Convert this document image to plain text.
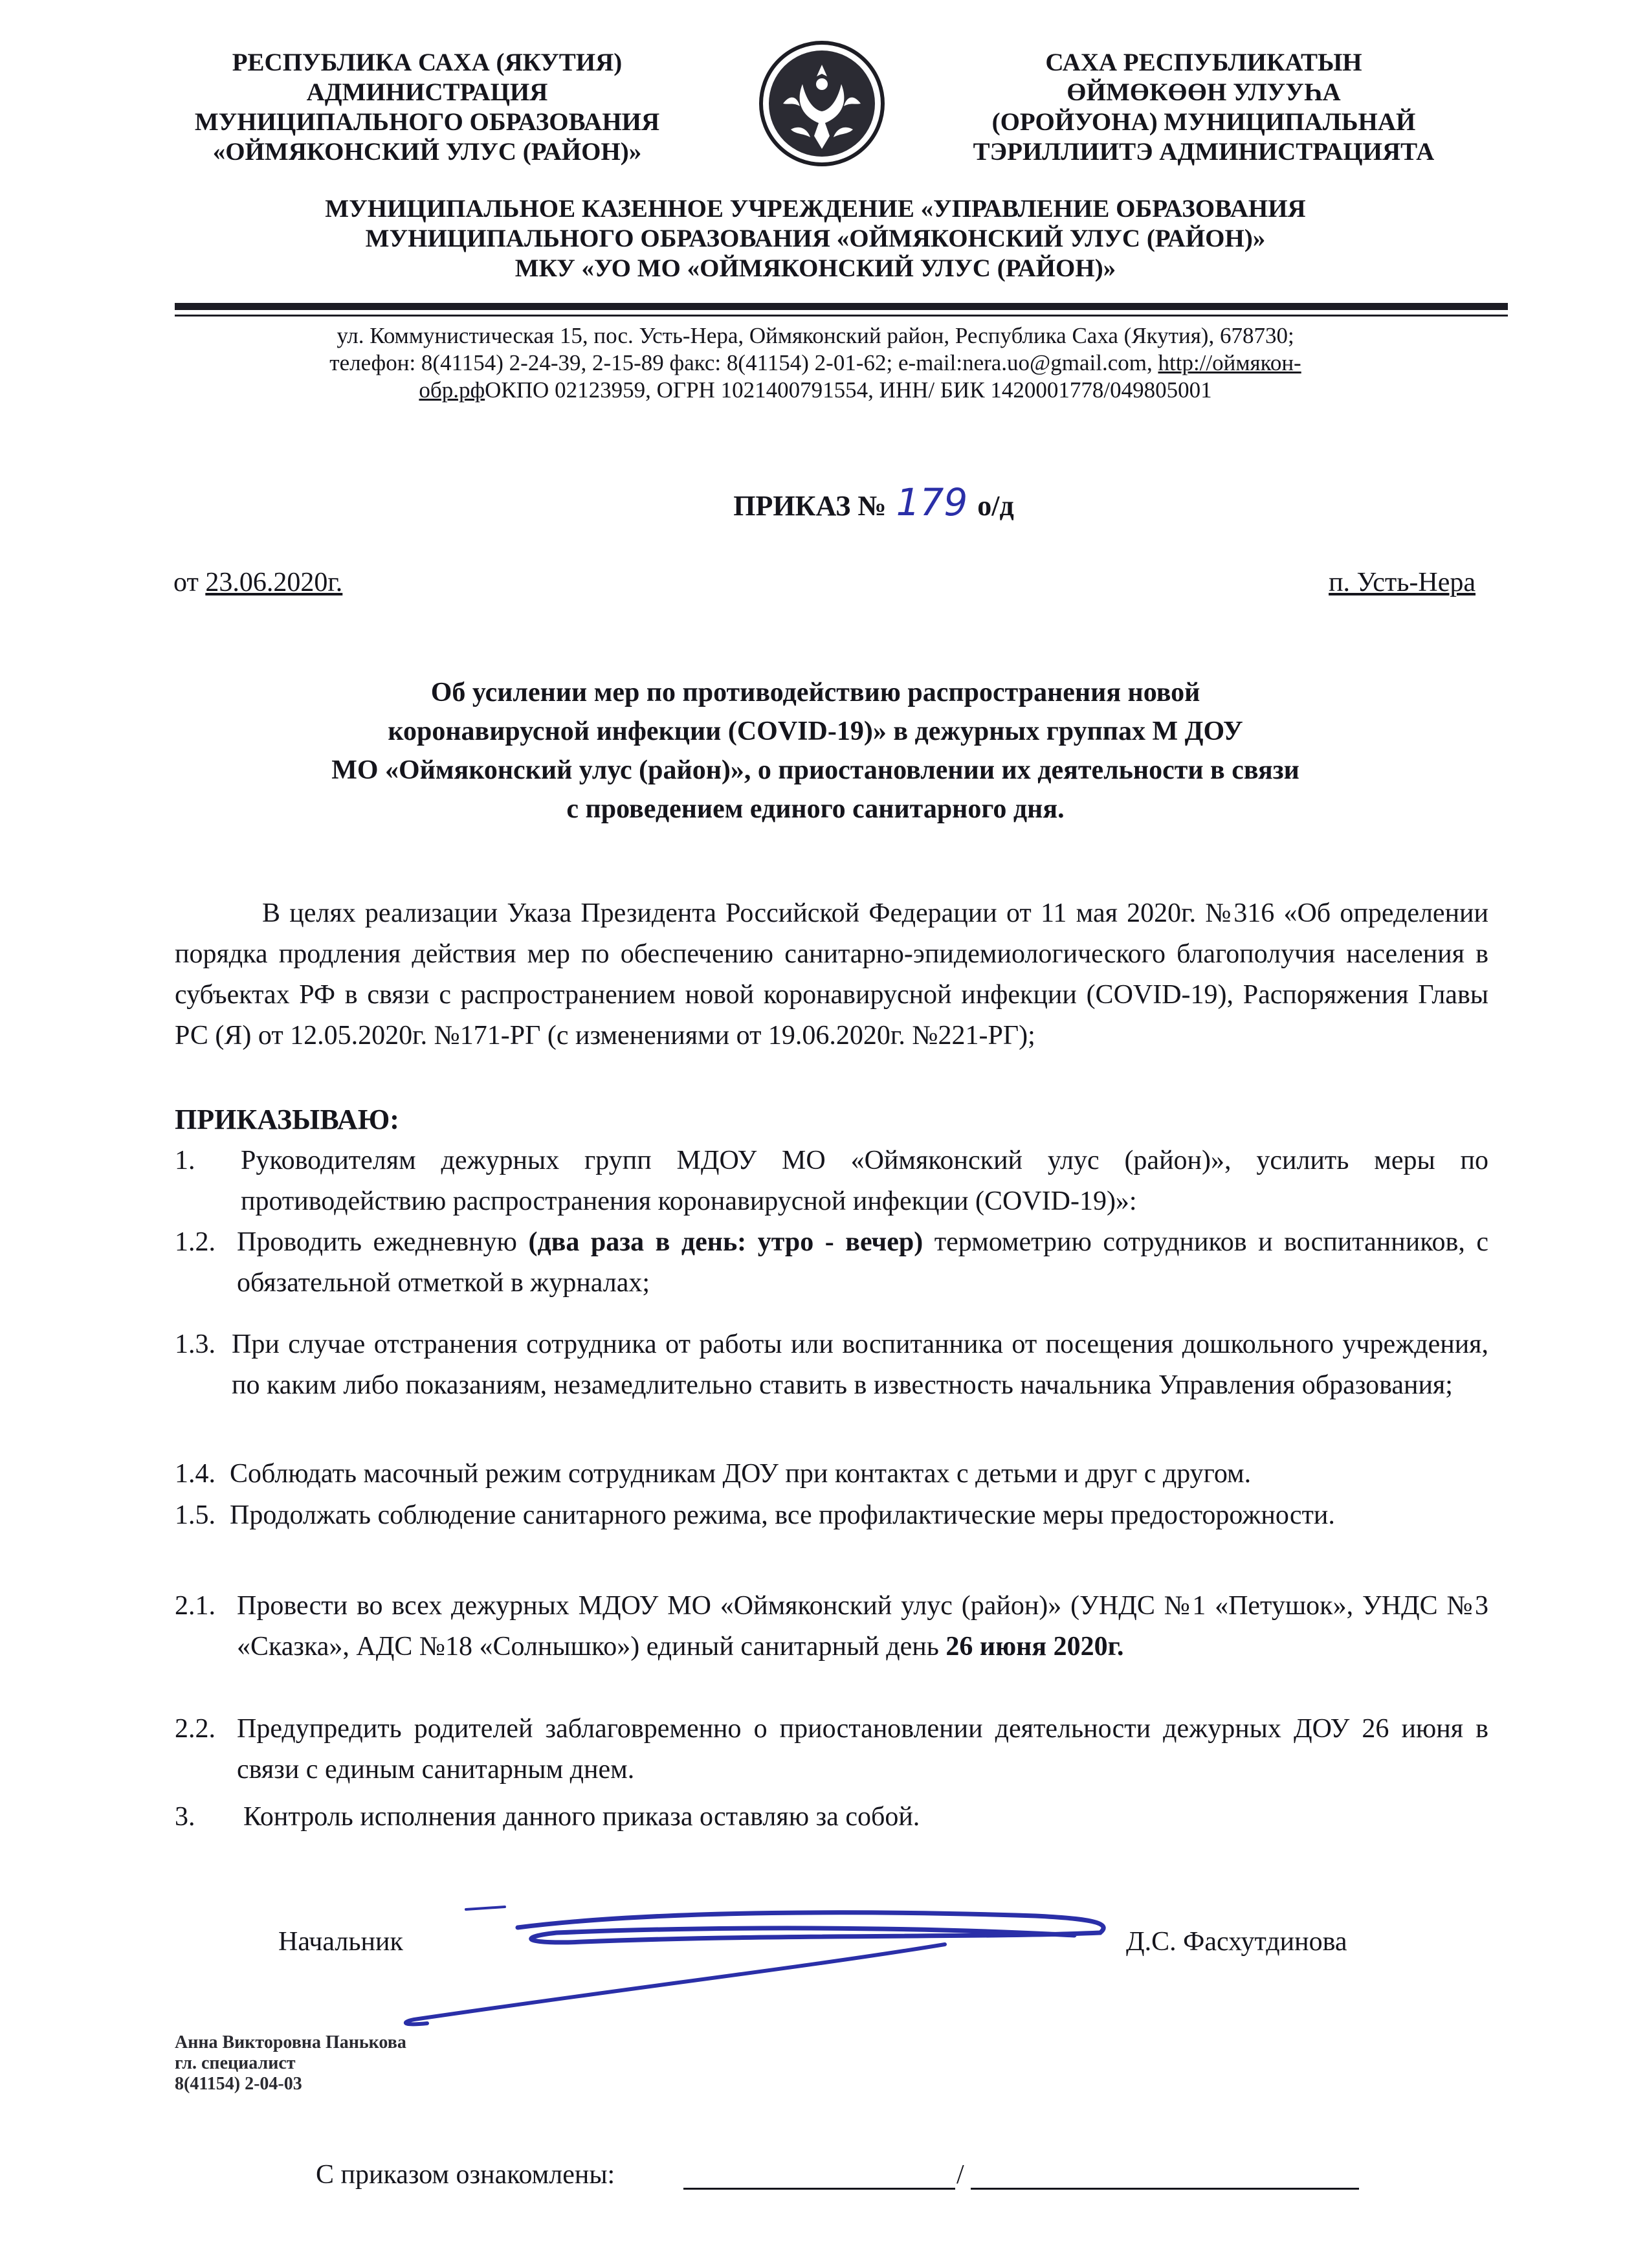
РЕСПУБЛИКА САХА (ЯКУТИЯ)
АДМИНИСТРАЦИЯ
МУНИЦИПАЛЬНОГО ОБРАЗОВАНИЯ
«ОЙМЯКОНСКИЙ УЛУС (РАЙОН)»
САХА РЕСПУБЛИКАТЫН
ӨЙМӨКӨӨН УЛУУҺА
(ОРОЙУОНА) МУНИЦИПАЛЬНАЙ
ТЭРИЛЛИИТЭ АДМИНИСТРАЦИЯТА
МУНИЦИПАЛЬНОЕ КАЗЕННОЕ УЧРЕЖДЕНИЕ «УПРАВЛЕНИЕ ОБРАЗОВАНИЯ
МУНИЦИПАЛЬНОГО ОБРАЗОВАНИЯ «ОЙМЯКОНСКИЙ УЛУС (РАЙОН)»
МКУ «УО МО «ОЙМЯКОНСКИЙ УЛУС (РАЙОН)»
ул. Коммунистическая 15, пос. Усть-Нера, Оймяконский район, Республика Саха (Якутия), 678730;
телефон: 8(41154) 2-24-39, 2-15-89 факс: 8(41154) 2-01-62; e-mail:nera.uo@gmail.com, http://оймякон-
обр.рфОКПО 02123959, ОГРН 1021400791554, ИНН/ БИК 1420001778/049805001
ПРИКАЗ № 179 о/д
от 23.06.2020г.	п. Усть-Нера
Об усилении мер по противодействию распространения новой
коронавирусной инфекции (COVID-19)» в дежурных группах М ДОУ
МО «Оймяконский улус (район)», о приостановлении их деятельности в связи
с проведением единого санитарного дня.
В целях реализации Указа Президента Российской Федерации от 11 мая 2020г. №316 «Об определении порядка продления действия мер по обеспечению санитарно-эпидемиологического благополучия населения в субъектах РФ в связи с распространением новой коронавирусной инфекции (COVID-19), Распоряжения Главы РС (Я) от 12.05.2020г. №171-РГ (с изменениями от 19.06.2020г. №221-РГ);
ПРИКАЗЫВАЮ:
1.	Руководителям дежурных групп МДОУ МО «Оймяконский улус (район)», усилить меры по противодействию распространения коронавирусной инфекции (COVID-19)»:
1.2. Проводить ежедневную (два раза в день: утро - вечер) термометрию сотрудников и воспитанников, с обязательной отметкой в журналах;
1.3. При случае отстранения сотрудника от работы или воспитанника от посещения дошкольного учреждения, по каким либо показаниям, незамедлительно ставить в известность начальника Управления образования;
1.4. Соблюдать масочный режим сотрудникам ДОУ при контактах с детьми и друг с другом.
1.5. Продолжать соблюдение санитарного режима, все профилактические меры предосторожности.
2.1. Провести во всех дежурных МДОУ МО «Оймяконский улус (район)» (УНДС №1 «Петушок», УНДС №3 «Сказка», АДС №18 «Солнышко») единый санитарный день 26 июня 2020г.
2.2. Предупредить родителей заблаговременно о приостановлении деятельности дежурных ДОУ 26 июня в связи с единым санитарным днем.
3.	Контроль исполнения данного приказа оставляю за собой.
Начальник	Д.С. Фасхутдинова
Анна Викторовна Панькова
гл. специалист
8(41154) 2-04-03
С приказом ознакомлены:	/
